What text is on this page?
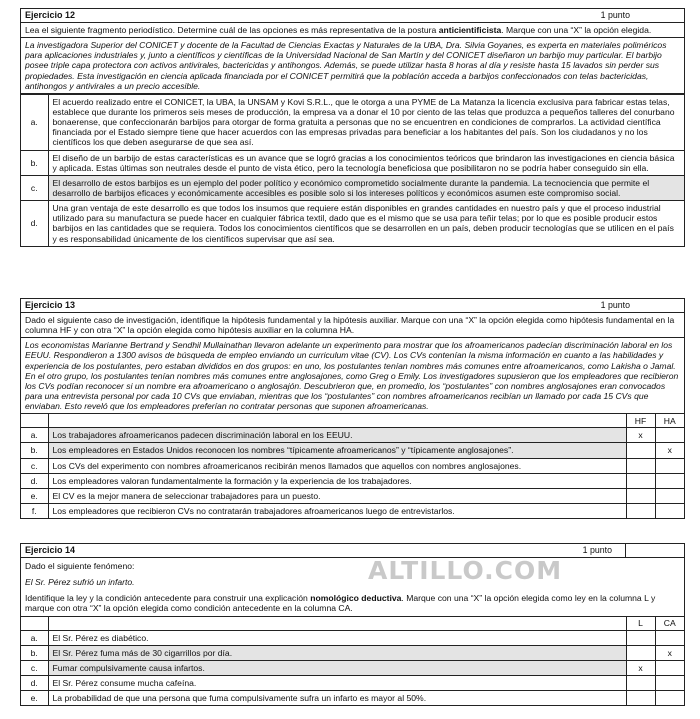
Ejercicio 12	1 punto
Lea el siguiente fragmento periodístico. Determine cuál de las opciones es más representativa de la postura anticientificista. Marque con una “X” la opción elegida.
La investigadora Superior del CONICET y docente de la Facultad de Ciencias Exactas y Naturales de la UBA, Dra. Silvia Goyanes, es experta en materiales poliméricos para aplicaciones industriales y, junto a científicos y científicas de la Universidad Nacional de San Martín y del CONICET diseñaron un barbijo muy particular. El barbijo posee triple capa protectora con activos antivirales, bactericidas y antihongos. Además, se puede utilizar hasta 8 horas al día y resiste hasta 15 lavados sin perder sus propiedades. Esta investigación en ciencia aplicada financiada por el CONICET permitirá que la población acceda a barbijos confeccionados con telas bactericidas, antihongos y antivirales a un precio accesible.
a.	El acuerdo realizado entre el CONICET, la UBA, la UNSAM y Kovi S.R.L., que le otorga a una PYME de La Matanza la licencia exclusiva para fabricar estas telas, establece que durante los primeros seis meses de producción, la empresa va a donar el 10 por ciento de las telas que produzca a pequeños talleres del conurbano bonaerense, que confeccionarán barbijos para otorgar de forma gratuita a personas que no se encuentren en condiciones de comprarlos. La actividad científica financiada por el Estado siempre tiene que hacer acuerdos con las empresas privadas para beneficiar a los habitantes del país. Son los ciudadanos y no los científicos los que deben asegurarse de que sea así.
b.	El diseño de un barbijo de estas características es un avance que se logró gracias a los conocimientos teóricos que brindaron las investigaciones en ciencia básica y aplicada. Estas últimas son neutrales desde el punto de vista ético, pero la tecnología beneficiosa que posibilitaron no se podría haber conseguido sin ella.
c.	El desarrollo de estos barbijos es un ejemplo del poder político y económico comprometido socialmente durante la pandemia. La tecnociencia que permite el desarrollo de barbijos eficaces y económicamente accesibles es posible solo si los intereses políticos y económicos asumen este compromiso social.
d.	Una gran ventaja de este desarrollo es que todos los insumos que requiere están disponibles en grandes cantidades en nuestro país y que el proceso industrial utilizado para su manufactura se puede hacer en cualquier fábrica textil, dado que es el mismo que se usa para teñir telas; por lo que es posible producir estos barbijos en las cantidades que se requiera. Todos los conocimientos científicos que se desarrollen en un país, deben producir tecnologías que se utilicen en el país y es responsabilidad únicamente de los científicos supervisar que así sea.
Ejercicio 13	1 punto
Dado el siguiente caso de investigación, identifique la hipótesis fundamental y la hipótesis auxiliar. Marque con una “X” la opción elegida como hipótesis fundamental en la columna HF y con otra “X” la opción elegida como hipótesis auxiliar en la columna HA.
Los economistas Marianne Bertrand y Sendhil Mullainathan llevaron adelante un experimento para mostrar que los afroamericanos padecían discriminación laboral en los EEUU. Respondieron a 1300 avisos de búsqueda de empleo enviando un curriculum vitae (CV). Los CVs contenían la misma información en cuanto a las habilidades y experiencia de los postulantes, pero estaban divididos en dos grupos: en uno, los postulantes tenían nombres más comunes entre afroamericanos, como Lakisha o Jamal. En el otro grupo, los postulantes tenían nombres más comunes entre anglosajones, como Greg o Emily. Los investigadores supusieron que los empleadores que recibieron los CVs podían reconocer si un nombre era afroamericano o anglosajón. Descubrieron que, en promedio, los “postulantes” con nombres anglosajones eran convocados para una entrevista personal por cada 10 CVs que enviaban, mientras que los “postulantes” con nombres afroamericanos recibían un llamado por cada 15 CVs que enviaban. Esto reveló que los empleadores preferían no contratar personas que suponen afroamericanas.
		HF	HA
a.	Los trabajadores afroamericanos padecen discriminación laboral en los EEUU.	x	
b.	Los empleadores en Estados Unidos reconocen los nombres “típicamente afroamericanos” y “típicamente anglosajones”.		x
c.	Los CVs del experimento con nombres afroamericanos recibirán menos llamados que aquellos con nombres anglosajones.		
d.	Los empleadores valoran fundamentalmente la formación y la experiencia de los trabajadores.		
e.	El CV es la mejor manera de seleccionar trabajadores para un puesto.		
f.	Los empleadores que recibieron CVs no contratarán trabajadores afroamericanos luego de entrevistarlos.		
Ejercicio 14	1 punto
Dado el siguiente fenómeno:
El Sr. Pérez sufrió un infarto.
Identifique la ley y la condición antecedente para construir una explicación nomológico deductiva. Marque con una “X” la opción elegida como ley en la columna L y marque con otra “X” la opción elegida como condición antecedente en la columna CA.
		L	CA
a.	El Sr. Pérez es diabético.		
b.	El Sr. Pérez fuma más de 30 cigarrillos por día.		x
c.	Fumar compulsivamente causa infartos.	x	
d.	El Sr. Pérez consume mucha cafeína.		
e.	La probabilidad de que una persona que fuma compulsivamente sufra un infarto es mayor al 50%.		
ALTILLO.COM
